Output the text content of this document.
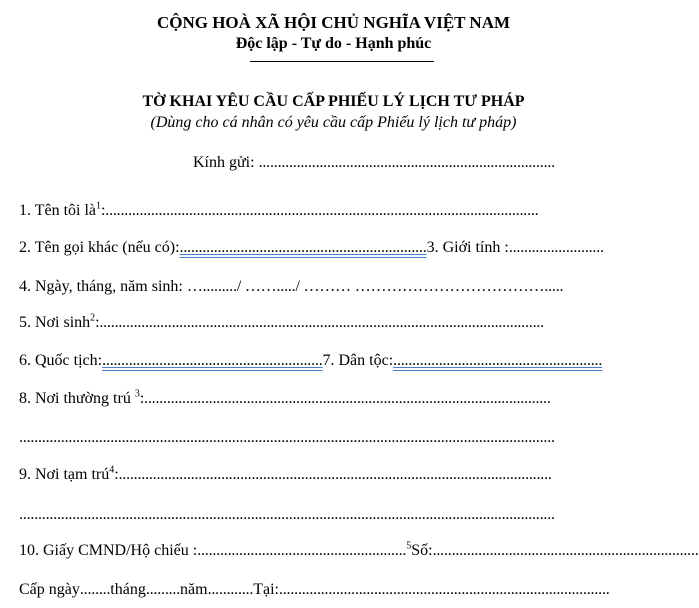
CỘNG HOÀ XÃ HỘI CHỦ NGHĨA VIỆT NAM
Độc lập - Tự do - Hạnh phúc
TỜ KHAI YÊU CẦU CẤP PHIẾU LÝ LỊCH TƯ PHÁP
(Dùng cho cá nhân có yêu cầu cấp Phiếu lý lịch tư pháp)
Kính gửi: ..............................................................................
1. Tên tôi $là^1$:..................................................................................................................
2. Tên gọi khác (nếu có):.................................................................3. Giới tính :.........................
4. Ngày, tháng, năm sinh: …........./ ……...../ ……… ……………………………….....
5. Nơi $\sinh^2$:.....................................................................................................................
6. Quốc tịch:..........................................................7. Dân tộc:.......................................................
8. Nơi thường trú $^3$:...........................................................................................................
.............................................................................................................................................
9. Nơi tạm trú$^4$:..................................................................................................................
.............................................................................................................................................
10. Giấy CMND/Hộ chiếu :.......................................................$^5$Số:......................................................................
Cấp ngày........tháng.........năm............Tại:.......................................................................................
